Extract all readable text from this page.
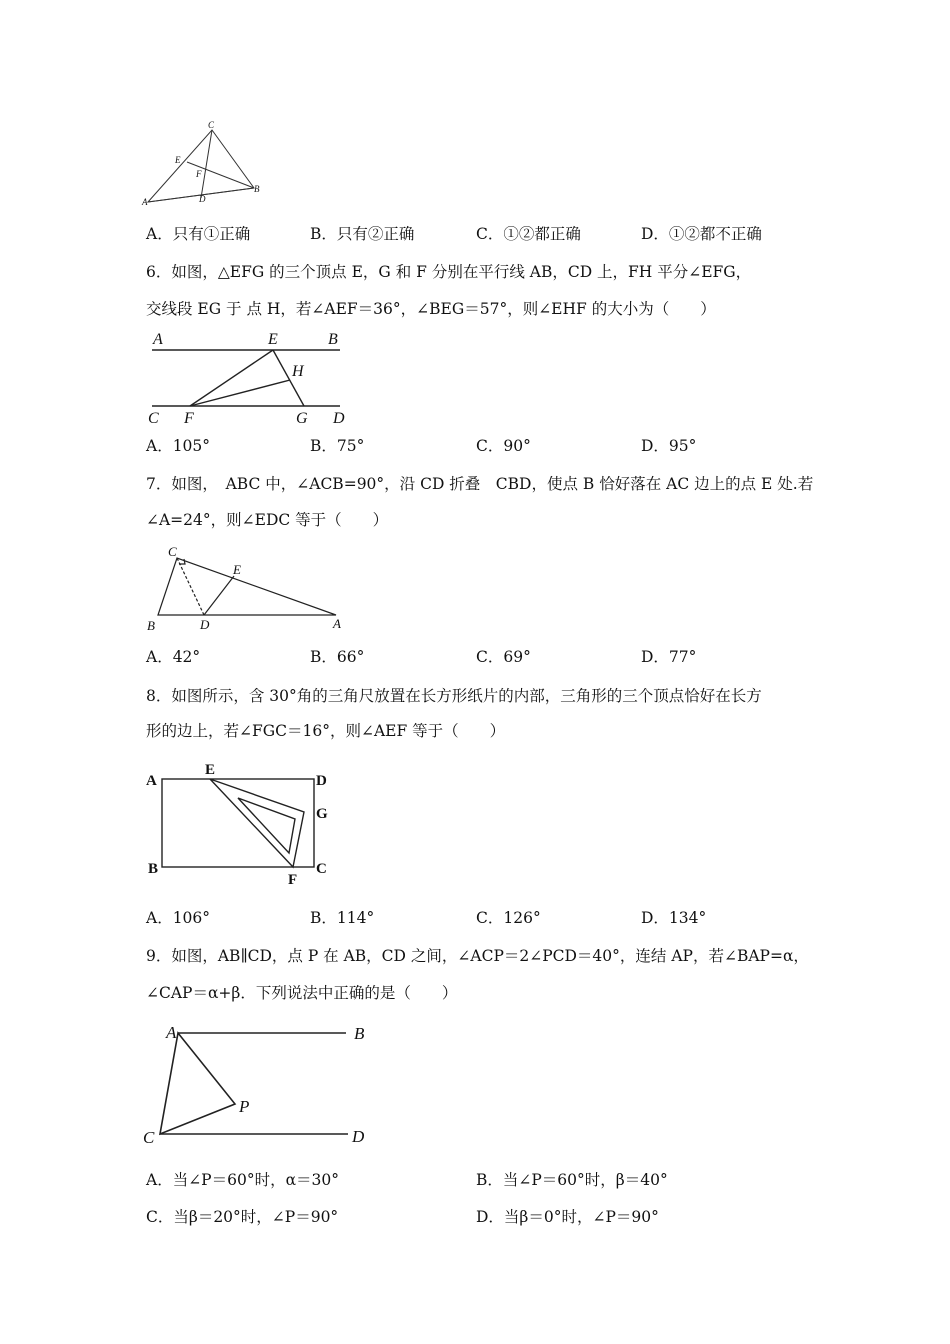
C
E
F
A	D
B
A．只有①正确	B．只有②正确	C．①②都正确	D．①②都不正确
6．如图，△EFG 的三个顶点 E，G 和 F 分别在平行线 AB，CD 上，FH 平分∠EFG，
交线段 EG 于 点 H，若∠AEF＝36°，∠BEG＝57°，则∠EHF 的大小为（　　）
A	E	B
H
C F	G D
A．105°	B．75°	C．90°	D．95°
7．如图，　ABC 中，∠ACB=90°，沿 CD 折叠　CBD，使点 B 恰好落在 AC 边上的点 E 处.若
∠A=24°，则∠EDC 等于（　　）
C
E
B	D	A
A．42°	B．66°	C．69°	D．77°
8．如图所示，含 30°角的三角尺放置在长方形纸片的内部，三角形的三个顶点恰好在长方
形的边上，若∠FGC＝16°，则∠AEF 等于（　　）
A
E
D
G
B
F
C
A．106°	B．114°	C．126°	D．134°
9．如图，AB∥CD，点 P 在 AB，CD 之间，∠ACP＝2∠PCD＝40°，连结 AP，若∠BAP=α，
∠CAP＝α+β．下列说法中正确的是（　　）
A	B
P
C	D
A．当∠P＝60°时，α＝30°	B．当∠P＝60°时，β＝40°
C．当β＝20°时，∠P＝90°	D．当β＝0°时，∠P＝90°
